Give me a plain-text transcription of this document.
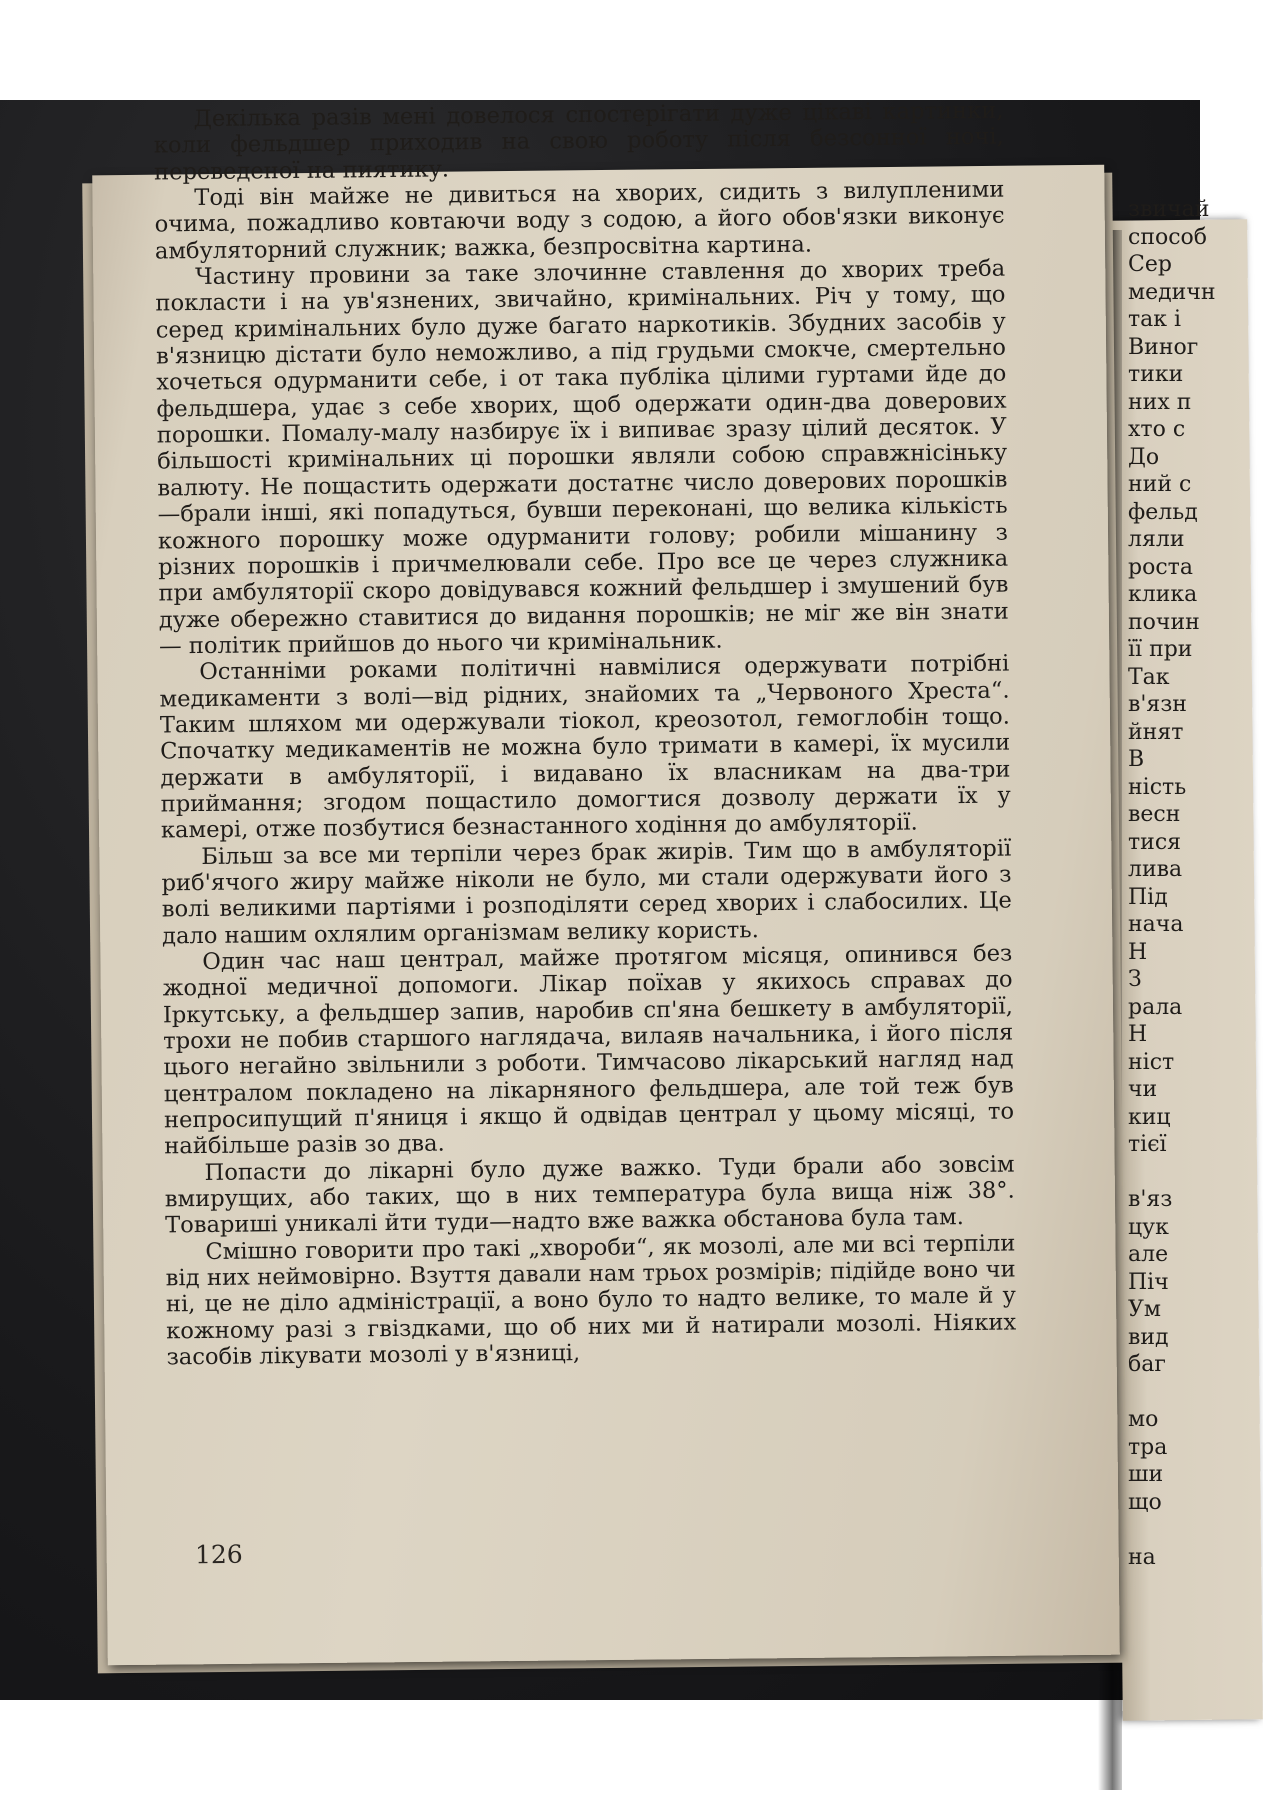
Декілька разів мені довелося спостерігати дуже цікаві картинки, коли фельдшер приходив на свою роботу після безсонної ночі, переведеної на пиятику.

Тоді він майже не дивиться на хворих, сидить з вилупленими очима, пожадливо ковтаючи воду з содою, а його обов'язки виконує амбуляторний служник; важка, безпросвітна картина.

Частину провини за таке злочинне ставлення до хворих треба покласти і на ув'язнених, звичайно, кримінальних. Річ у тому, що серед кримінальних було дуже багато наркотиків. Збудних засобів у в'язницю дістати було неможливо, а під грудьми смокче, смертельно хочеться одурманити себе, і от така публіка цілими гуртами йде до фельдшера, удає з себе хворих, щоб одержати один-два доверових порошки. Помалу-малу назбирує їх і випиває зразу цілий десяток. У більшості кримінальних ці порошки являли собою справжнісіньку валюту. Не пощастить одержати достатнє число доверових порошків—брали інші, які попадуться, бувши переконані, що велика кількість кожного порошку може одурманити голову; робили мішанину з різних порошків і причмелювали себе. Про все це через служника при амбуляторії скоро довідувався кожний фельдшер і змушений був дуже обережно ставитися до видання порошків; не міг же він знати — політик прийшов до нього чи кримінальник.

Останніми роками політичні навмілися одержувати потрібні медикаменти з волі—від рідних, знайомих та „Червоного Хреста“. Таким шляхом ми одержували тіокол, креозотол, гемоглобін тощо. Спочатку медикаментів не можна було тримати в камері, їх мусили держати в амбуляторії, і видавано їх власникам на два-три приймання; згодом пощастило домогтися дозволу держати їх у камері, отже позбутися безнастанного ходіння до амбуляторії.

Більш за все ми терпіли через брак жирів. Тим що в амбуляторії риб'ячого жиру майже ніколи не було, ми стали одержувати його з волі великими партіями і розподіляти серед хворих і слабосилих. Це дало нашим охлялим організмам велику користь.

Один час наш централ, майже протягом місяця, опинився без жодної медичної допомоги. Лікар поїхав у якихось справах до Іркутську, а фельдшер запив, наробив сп'яна бешкету в амбуляторії, трохи не побив старшого наглядача, вилаяв начальника, і його після цього негайно звільнили з роботи. Тимчасово лікарський нагляд над централом покладено на лікарняного фельдшера, але той теж був непросипущий п'яниця і якщо й одвідав централ у цьому місяці, то найбільше разів зо два.

Попасти до лікарні було дуже важко. Туди брали або зовсім вмирущих, або таких, що в них температура була вища ніж 38°. Товариші уникалі йти туди—надто вже важка обстанова була там.

Смішно говорити про такі „хвороби“, як мозолі, але ми всі терпіли від них неймовірно. Взуття давали нам трьох розмірів; підійде воно чи ні, це не діло адміністрації, а воно було то надто велике, то мале й у кожному разі з гвіздками, що об них ми й натирали мозолі. Ніяких засобів лікувати мозолі у в'язниці,

126
звичай
способ
Сер
медичн
так і
Виног
тики
них п
хто с
До
ний с
фельд
ляли
роста
клика
почин
її при
Так
в'язн
йнят
В
ність
весн
тися
лива
Під
нача
Н
З
рала
Н
ніст
чи
киц
тієї
в'яз
цук
але
Піч
Ум
вид
баг
мо
тра
ши
що
на
